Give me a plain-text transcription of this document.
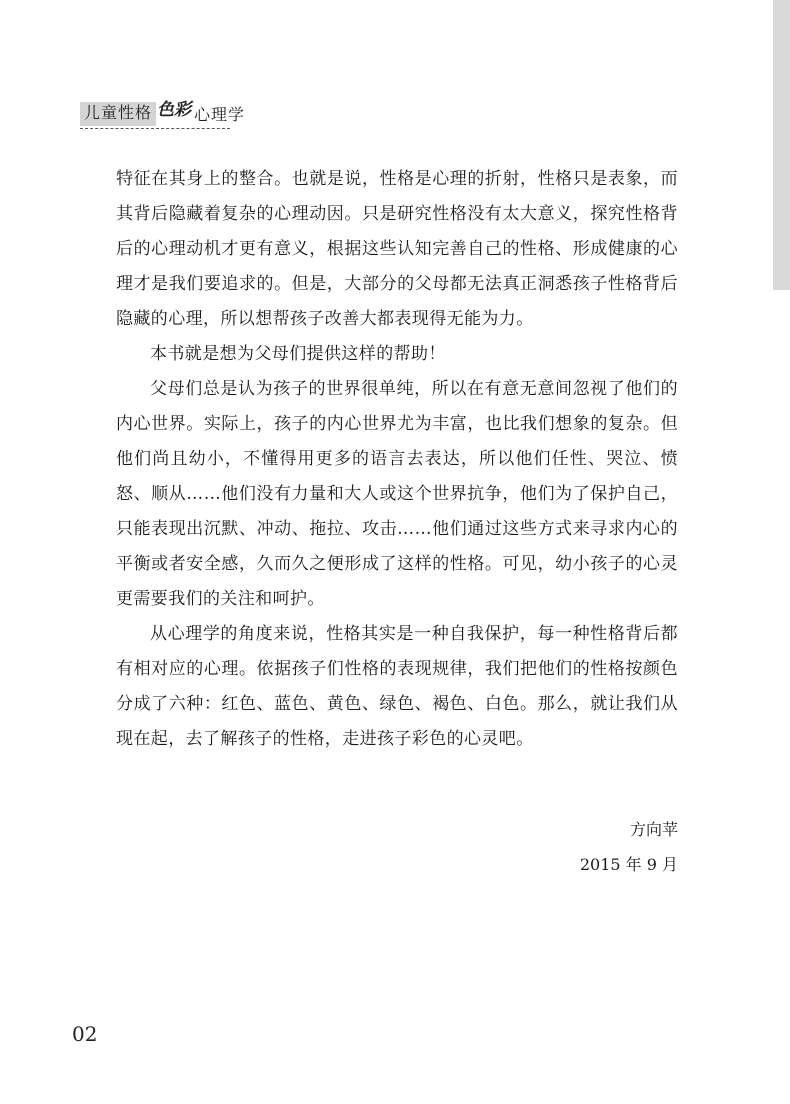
儿童性格 色彩 心理学

特征在其身上的整合。也就是说，性格是心理的折射，性格只是表象，而其背后隐藏着复杂的心理动因。只是研究性格没有太大意义，探究性格背后的心理动机才更有意义，根据这些认知完善自己的性格、形成健康的心理才是我们要追求的。但是，大部分的父母都无法真正洞悉孩子性格背后隐藏的心理，所以想帮孩子改善大都表现得无能为力。

本书就是想为父母们提供这样的帮助！

父母们总是认为孩子的世界很单纯，所以在有意无意间忽视了他们的内心世界。实际上，孩子的内心世界尤为丰富，也比我们想象的复杂。但他们尚且幼小，不懂得用更多的语言去表达，所以他们任性、哭泣、愤怒、顺从……他们没有力量和大人或这个世界抗争，他们为了保护自己，只能表现出沉默、冲动、拖拉、攻击……他们通过这些方式来寻求内心的平衡或者安全感，久而久之便形成了这样的性格。可见，幼小孩子的心灵更需要我们的关注和呵护。

从心理学的角度来说，性格其实是一种自我保护，每一种性格背后都有相对应的心理。依据孩子们性格的表现规律，我们把他们的性格按颜色分成了六种：红色、蓝色、黄色、绿色、褐色、白色。那么，就让我们从现在起，去了解孩子的性格，走进孩子彩色的心灵吧。

方向苹
2015 年 9 月
02
